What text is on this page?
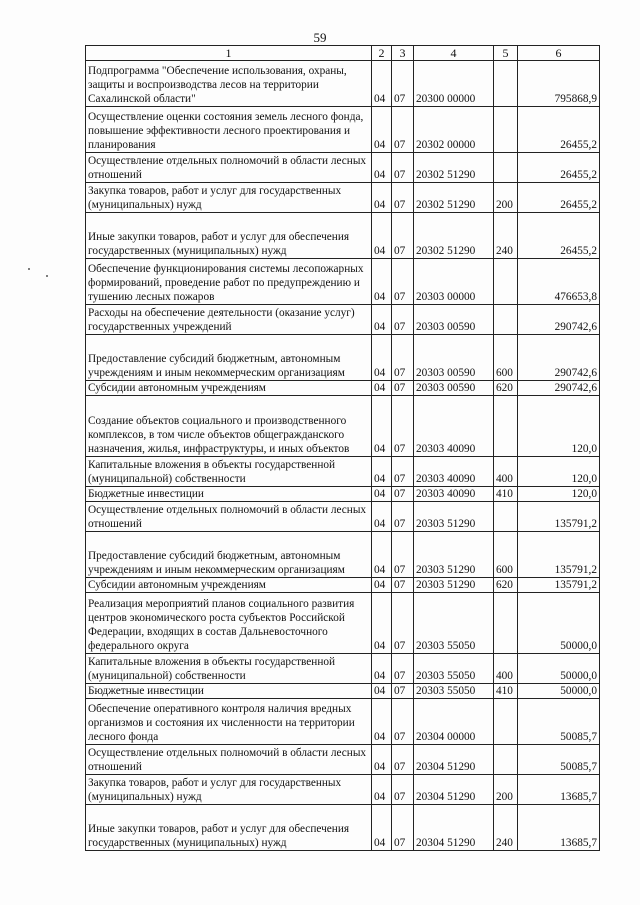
59
1	2	3	4	5	6
Подпрограмма "Обеспечение использования, охраны, защиты и воспроизводства лесов на территории Сахалинской области"	04	07	20300 00000		795868,9
Осуществление оценки состояния земель лесного фонда, повышение эффективности лесного проектирования и планирования	04	07	20302 00000		26455,2
Осуществление отдельных полномочий в области лесных отношений	04	07	20302 51290		26455,2
Закупка товаров, работ и услуг для государственных (муниципальных) нужд	04	07	20302 51290	200	26455,2
Иные закупки товаров, работ и услуг для обеспечения государственных (муниципальных) нужд	04	07	20302 51290	240	26455,2
Обеспечение функционирования системы лесопожарных формирований, проведение работ по предупреждению и тушению лесных пожаров	04	07	20303 00000		476653,8
Расходы на обеспечение деятельности (оказание услуг) государственных учреждений	04	07	20303 00590		290742,6
Предоставление субсидий бюджетным, автономным учреждениям и иным некоммерческим организациям	04	07	20303 00590	600	290742,6
Субсидии автономным учреждениям	04	07	20303 00590	620	290742,6
Создание объектов социального и производственного комплексов, в том числе объектов общегражданского назначения, жилья, инфраструктуры, и иных объектов	04	07	20303 40090		120,0
Капитальные вложения в объекты государственной (муниципальной) собственности	04	07	20303 40090	400	120,0
Бюджетные инвестиции	04	07	20303 40090	410	120,0
Осуществление отдельных полномочий в области лесных отношений	04	07	20303 51290		135791,2
Предоставление субсидий бюджетным, автономным учреждениям и иным некоммерческим организациям	04	07	20303 51290	600	135791,2
Субсидии автономным учреждениям	04	07	20303 51290	620	135791,2
Реализация мероприятий планов социального развития центров экономического роста субъектов Российской Федерации, входящих в состав Дальневосточного федерального округа	04	07	20303 55050		50000,0
Капитальные вложения в объекты государственной (муниципальной) собственности	04	07	20303 55050	400	50000,0
Бюджетные инвестиции	04	07	20303 55050	410	50000,0
Обеспечение оперативного контроля наличия вредных организмов и состояния их численности на территории лесного фонда	04	07	20304 00000		50085,7
Осуществление отдельных полномочий в области лесных отношений	04	07	20304 51290		50085,7
Закупка товаров, работ и услуг для государственных (муниципальных) нужд	04	07	20304 51290	200	13685,7
Иные закупки товаров, работ и услуг для обеспечения государственных (муниципальных) нужд	04	07	20304 51290	240	13685,7
